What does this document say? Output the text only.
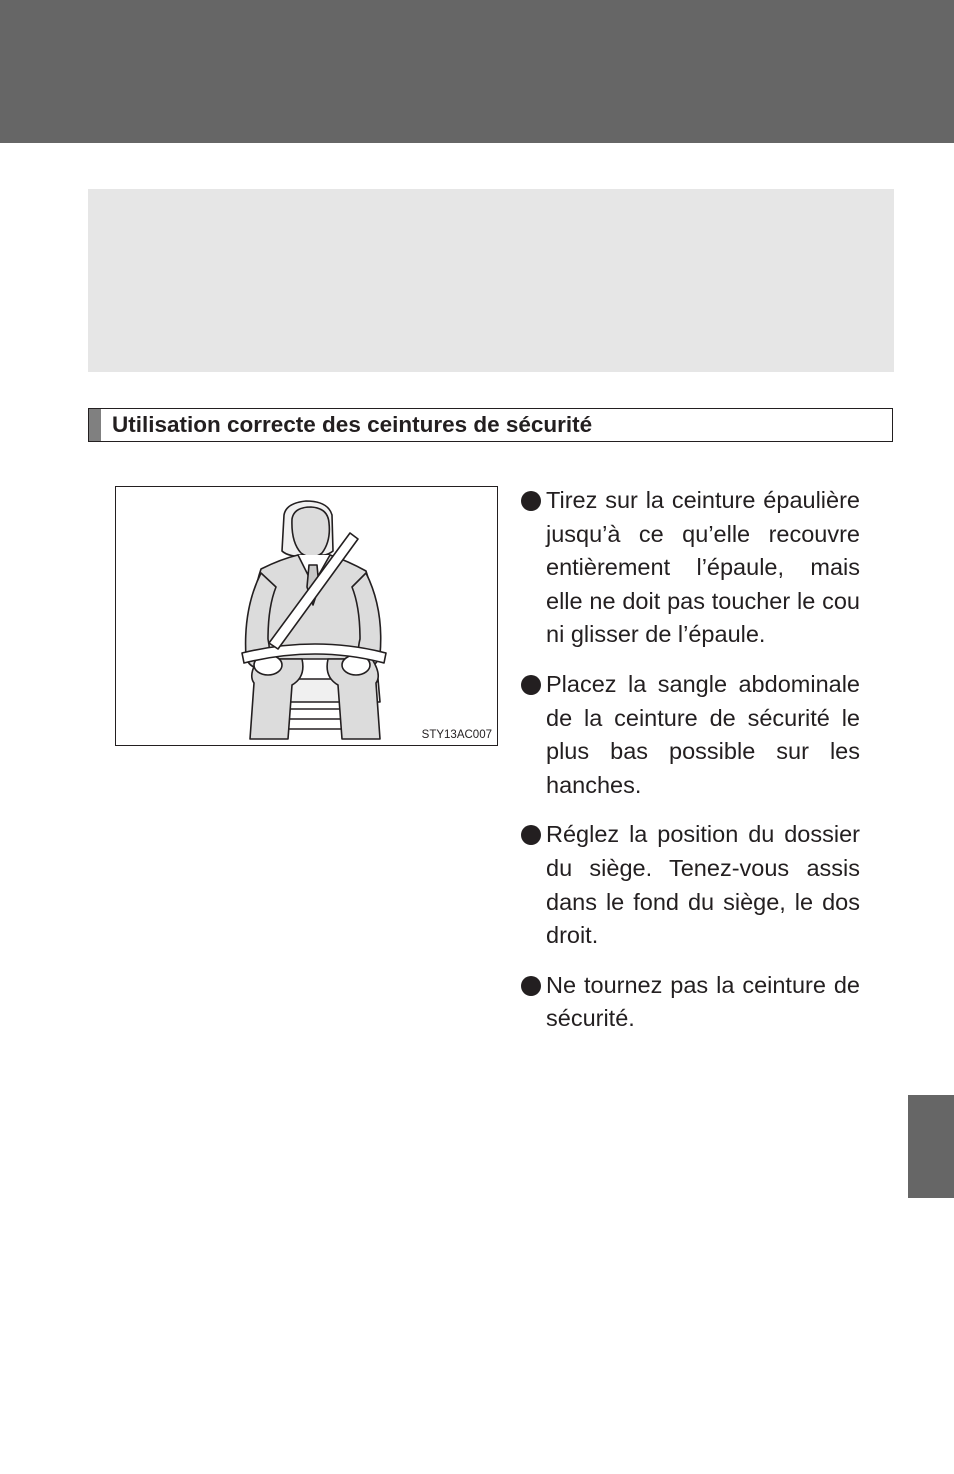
Utilisation correcte des ceintures de sécurité
STY13AC007
Tirez sur la ceinture épaulière jusqu’à ce qu’elle recouvre entièrement l’épaule, mais elle ne doit pas toucher le cou ni glisser de l’épaule.
Placez la sangle abdominale de la ceinture de sécurité le plus bas possible sur les hanches.
Réglez la position du dossier du siège. Tenez-vous assis dans le fond du siège, le dos droit.
Ne tournez pas la ceinture de sécurité.
